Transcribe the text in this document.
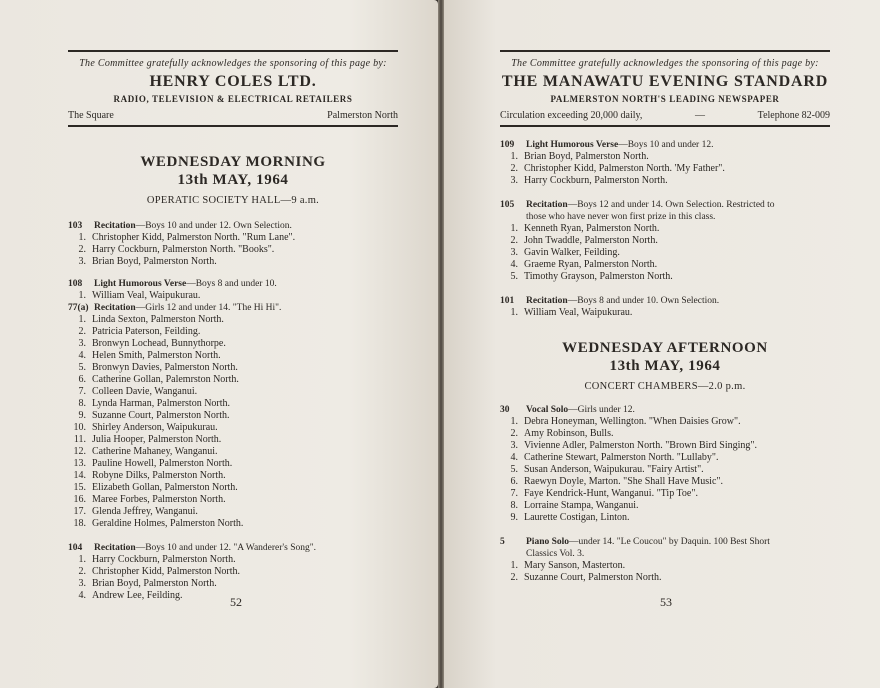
The Committee gratefully acknowledges the sponsoring of this page by:
HENRY COLES LTD.
RADIO, TELEVISION & ELECTRICAL RETAILERS
The Square	Palmerston North
WEDNESDAY MORNING
13th MAY, 1964
OPERATIC SOCIETY HALL—9 a.m.
103 Recitation—Boys 10 and under 12. Own Selection.
1. Christopher Kidd, Palmerston North. "Rum Lane".
2. Harry Cockburn, Palmerston North. "Books".
3. Brian Boyd, Palmerston North.
108 Light Humorous Verse—Boys 8 and under 10.
1. William Veal, Waipukurau.
77(a) Recitation—Girls 12 and under 14. "The Hi Hi".
1. Linda Sexton, Palmerston North.
2. Patricia Paterson, Feilding.
3. Bronwyn Lochead, Bunnythorpe.
4. Helen Smith, Palmerston North.
5. Bronwyn Davies, Palmerston North.
6. Catherine Gollan, Palemrston North.
7. Colleen Davie, Wanganui.
8. Lynda Harman, Palmerston North.
9. Suzanne Court, Palmerston North.
10. Shirley Anderson, Waipukurau.
11. Julia Hooper, Palmerston North.
12. Catherine Mahaney, Wanganui.
13. Pauline Howell, Palmerston North.
14. Robyne Dilks, Palmerston North.
15. Elizabeth Gollan, Palmerston North.
16. Maree Forbes, Palmerston North.
17. Glenda Jeffrey, Wanganui.
18. Geraldine Holmes, Palmerston North.
104 Recitation—Boys 10 and under 12. "A Wanderer's Song".
1. Harry Cockburn, Palmerston North.
2. Christopher Kidd, Palmerston North.
3. Brian Boyd, Palmerston North.
4. Andrew Lee, Feilding.	52
The Committee gratefully acknowledges the sponsoring of this page by:
THE MANAWATU EVENING STANDARD
PALMERSTON NORTH'S LEADING NEWSPAPER
Circulation exceeding 20,000 daily,	—	Telephone 82-009
109 Light Humorous Verse—Boys 10 and under 12.
1. Brian Boyd, Palmerston North.
2. Christopher Kidd, Palmerston North. 'My Father".
3. Harry Cockburn, Palmerston North.
105 Recitation—Boys 12 and under 14. Own Selection. Restricted to
those who have never won first prize in this class.
1. Kenneth Ryan, Palmerston North.
2. John Twaddle, Palmerston North.
3. Gavin Walker, Feilding.
4. Graeme Ryan, Palmerston North.
5. Timothy Grayson, Palmerston North.
101 Recitation—Boys 8 and under 10. Own Selection.
1. William Veal, Waipukurau.
WEDNESDAY AFTERNOON
13th MAY, 1964
CONCERT CHAMBERS—2.0 p.m.
30 Vocal Solo—Girls under 12.
1. Debra Honeyman, Wellington. "When Daisies Grow".
2. Amy Robinson, Bulls.
3. Vivienne Adler, Palmerston North. "Brown Bird Singing".
4. Catherine Stewart, Palmerston North. "Lullaby".
5. Susan Anderson, Waipukurau. "Fairy Artist".
6. Raewyn Doyle, Marton. "She Shall Have Music".
7. Faye Kendrick-Hunt, Wanganui. "Tip Toe".
8. Lorraine Stampa, Wanganui.
9. Laurette Costigan, Linton.
5 Piano Solo—under 14. "Le Coucou" by Daquin. 100 Best Short
Classics Vol. 3.
1. Mary Sanson, Masterton.
2. Suzanne Court, Palmerston North.
53
